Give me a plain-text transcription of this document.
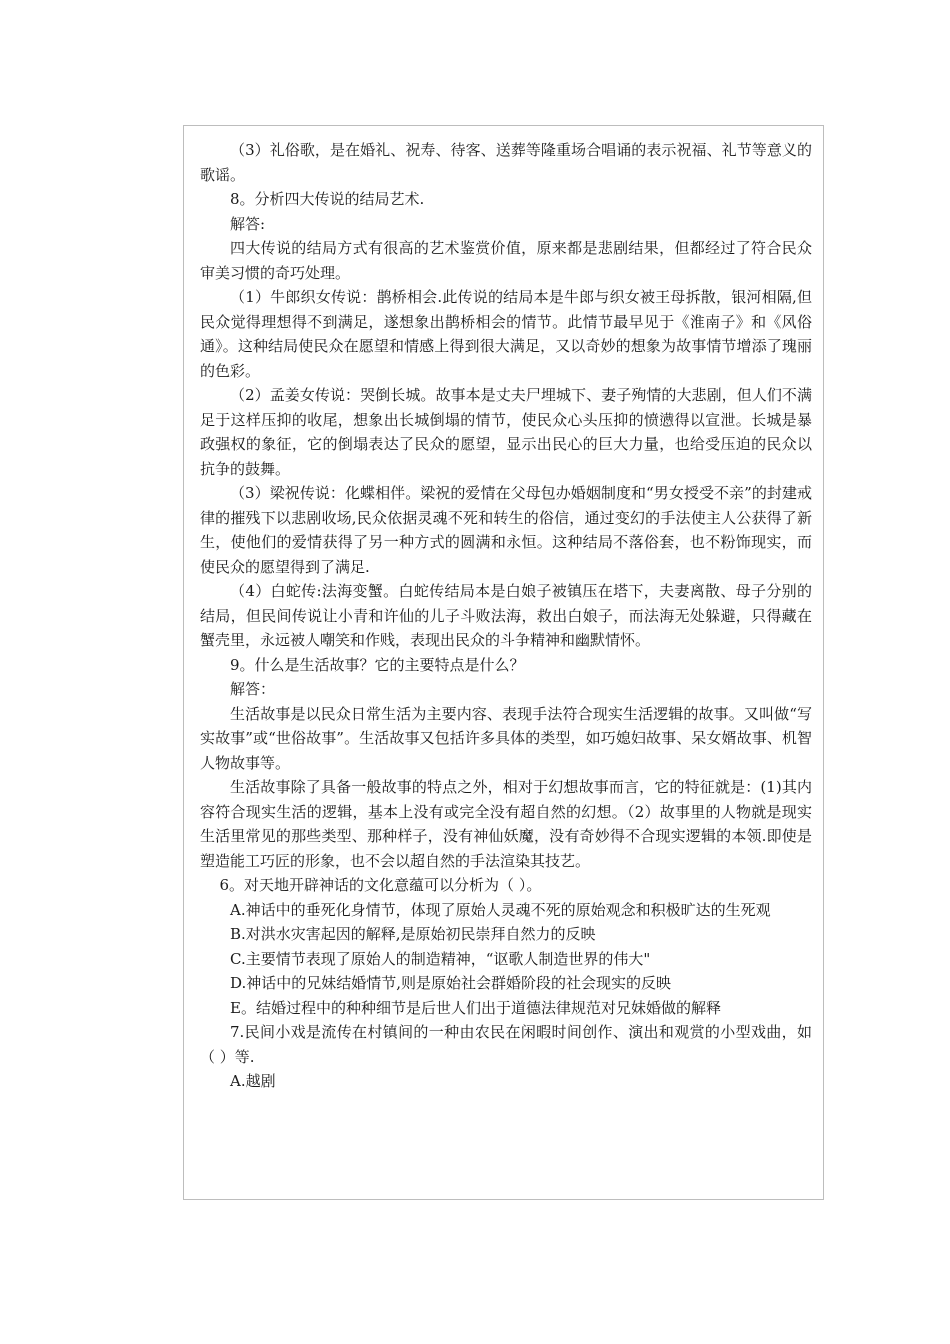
（3）礼俗歌，是在婚礼、祝寿、待客、送葬等隆重场合唱诵的表示祝福、礼节等意义的歌谣。

8。分析四大传说的结局艺术.

解答:

四大传说的结局方式有很高的艺术鉴赏价值，原来都是悲剧结果，但都经过了符合民众审美习惯的奇巧处理。

（1）牛郎织女传说：鹊桥相会.此传说的结局本是牛郎与织女被王母拆散，银河相隔,但民众觉得理想得不到满足，遂想象出鹊桥相会的情节。此情节最早见于《淮南子》和《风俗通》。这种结局使民众在愿望和情感上得到很大满足，又以奇妙的想象为故事情节增添了瑰丽的色彩。

（2）孟姜女传说：哭倒长城。故事本是丈夫尸埋城下、妻子殉情的大悲剧，但人们不满足于这样压抑的收尾，想象出长城倒塌的情节，使民众心头压抑的愤懑得以宣泄。长城是暴政强权的象征，它的倒塌表达了民众的愿望，显示出民心的巨大力量，也给受压迫的民众以抗争的鼓舞。

（3）梁祝传说：化蝶相伴。梁祝的爱情在父母包办婚姻制度和“男女授受不亲”的封建戒律的摧残下以悲剧收场,民众依据灵魂不死和转生的俗信，通过变幻的手法使主人公获得了新生，使他们的爱情获得了另一种方式的圆满和永恒。这种结局不落俗套，也不粉饰现实，而使民众的愿望得到了满足.

（4）白蛇传:法海变蟹。白蛇传结局本是白娘子被镇压在塔下，夫妻离散、母子分别的结局，但民间传说让小青和许仙的儿子斗败法海，救出白娘子，而法海无处躲避，只得藏在蟹壳里，永远被人嘲笑和作贱，表现出民众的斗争精神和幽默情怀。

9。什么是生活故事？它的主要特点是什么？

解答：

生活故事是以民众日常生活为主要内容、表现手法符合现实生活逻辑的故事。又叫做“写实故事”或“世俗故事”。生活故事又包括许多具体的类型，如巧媳妇故事、呆女婿故事、机智人物故事等。

生活故事除了具备一般故事的特点之外，相对于幻想故事而言，它的特征就是：(1)其内容符合现实生活的逻辑，基本上没有或完全没有超自然的幻想。（2）故事里的人物就是现实生活里常见的那些类型、那种样子，没有神仙妖魔，没有奇妙得不合现实逻辑的本领.即使是塑造能工巧匠的形象，也不会以超自然的手法渲染其技艺。

6。对天地开辟神话的文化意蕴可以分析为（ ）。

A.神话中的垂死化身情节，体现了原始人灵魂不死的原始观念和积极旷达的生死观

B.对洪水灾害起因的解释,是原始初民崇拜自然力的反映

C.主要情节表现了原始人的制造精神，“讴歌人制造世界的伟大"

D.神话中的兄妹结婚情节,则是原始社会群婚阶段的社会现实的反映

E。结婚过程中的种种细节是后世人们出于道德法律规范对兄妹婚做的解释

7.民间小戏是流传在村镇间的一种由农民在闲暇时间创作、演出和观赏的小型戏曲，如（ ）等.

A.越剧
